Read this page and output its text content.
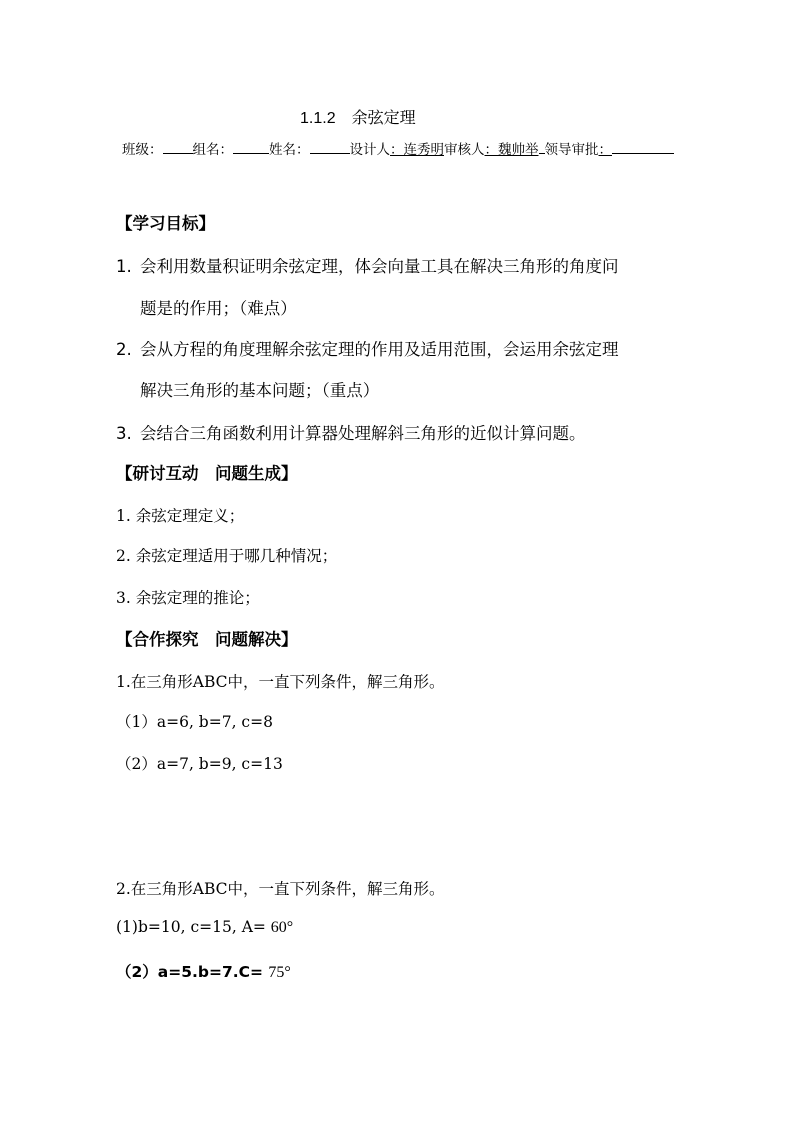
1.1.2 余弦定理
班级： 组名：	姓名：	设计人：连秀明审核人：魏帅举 领导审批：
【学习目标】
1. 会利用数量积证明余弦定理，体会向量工具在解决三角形的角度问
题是的作用；（难点）
2. 会从方程的角度理解余弦定理的作用及适用范围，会运用余弦定理
解决三角形的基本问题；（重点）
3. 会结合三角函数利用计算器处理解斜三角形的近似计算问题。
【研讨互动　问题生成】
1. 余弦定理定义；
2. 余弦定理适用于哪几种情况；
3. 余弦定理的推论；
【合作探究　问题解决】
1.在三角形ABC中，一直下列条件，解三角形。
（1）a=6, b=7, c=8
（2）a=7, b=9, c=13
2.在三角形ABC中，一直下列条件，解三角形。
(1)b=10, c=15, A= 60°
（2）a=5.b=7.C= 75°
